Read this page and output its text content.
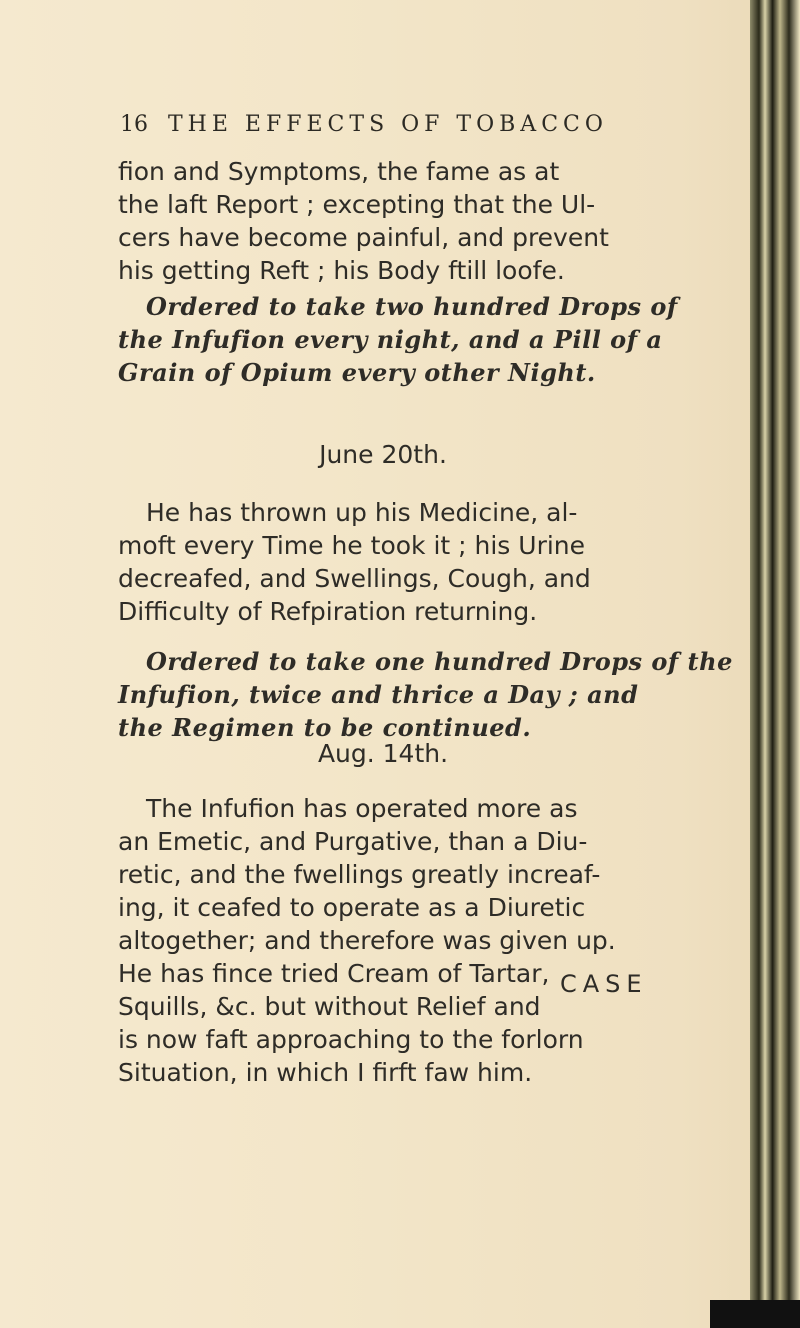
16 THE EFFECTS OF TOBACCO
fion and Symptoms, the fame as at
the laft Report ; excepting that the Ul-
cers have become painful, and prevent
his getting Reft ; his Body ftill loofe.
Ordered to take two hundred Drops of
the Infufion every night, and a Pill of a
Grain of Opium every other Night.
June 20th.
He has thrown up his Medicine, al-
moft every Time he took it ; his Urine
decreafed, and Swellings, Cough, and
Difficulty of Refpiration returning.
Ordered to take one hundred Drops of the
Infufion, twice and thrice a Day ; and
the Regimen to be continued.
Aug. 14th.
The Infufion has operated more as
an Emetic, and Purgative, than a Diu-
retic, and the fwellings greatly increaf-
ing, it ceafed to operate as a Diuretic
altogether; and therefore was given up.
He has fince tried Cream of Tartar,
Squills, &c. but without Relief and
is now faft approaching to the forlorn
Situation, in which I firft faw him.
CASE
